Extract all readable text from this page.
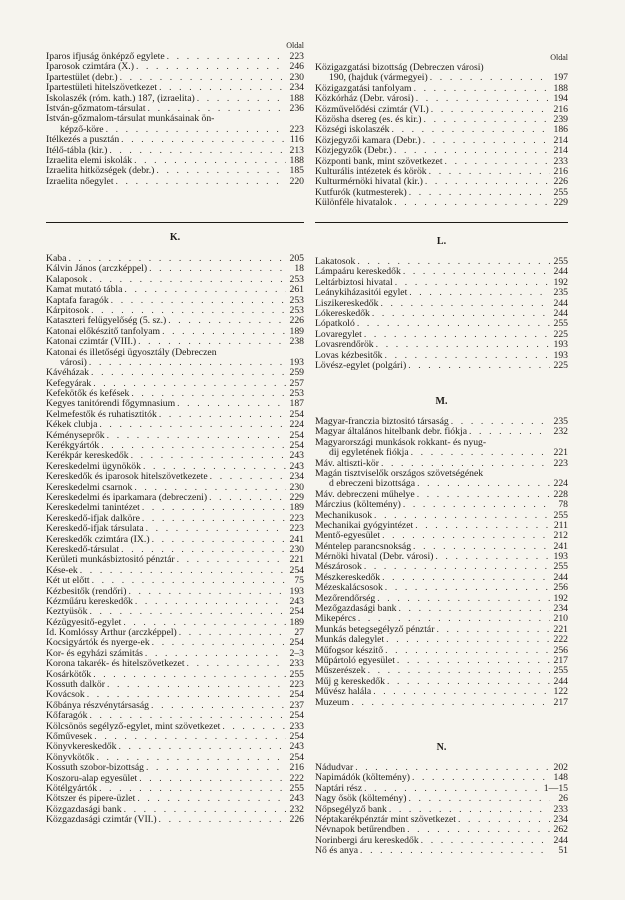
Oldal
Iparos ifjuság önképző egylete . . .	223
Iparosok czimtára (X.) . . .	246
Ipartestület (debr.) . . .	230
Ipartestületi hitelszövetkezet . . .	234
Iskolaszék (róm. kath.) 187, (izraelita) . . .	188
István-gőzmatom-társulat . . .	236
István-gőzmalom-társulat munkásainak ön-
képző-köre . . .	223
Itélkezés a pusztán . . .	116
Itélő-tábla (kir.) . . .	213
Izraelita elemi iskolák . . .	188
Izraelita hitközségek (debr.) . . .	185
Izraelita nőegylet . . .	220
K.
Kaba . . .	205
Kálvin János (arczképpel) . . .	18
Kalaposok . . .	253
Kamat mutató tábla . . .	261
Kaptafa faragók . . .	253
Kárpitosok . . .	253
Kataszteri felügyelőség (5. sz.) . . .	226
Katonai előkészitő tanfolyam . . .	189
Katonai czimtár (VIII.) . . .	238
Katonai és illetőségi ügyosztály (Debreczen
városi) . . .	193
Kávéházak . . .	259
Kefegyárak . . .	257
Kefekötők és kefések . . .	253
Kegyes tanitórendi főgymnasium . . .	187
Kelmefestők és ruhatisztitók . . .	254
Kékek clubja . . .	224
Kéményseprők . . .	254
Kerékgyártók . . .	254
Kerékpár kereskedők . . .	243
Kereskedelmi ügynökök . . .	243
Kereskedők és iparosok hitelszövetkezete . . .	234
Kereskedelmi csarnok . . .	230
Kereskedelmi és iparkamara (debreczeni) . . .	229
Kereskedelmi tanintézet . . .	189
Kereskedő-ifjak dalköre . . .	223
Kereskedő-ifjak társulata . . .	223
Kereskedők czimtára (IX.) . . .	241
Kereskedő-társulat . . .	230
Kerületi munkásbiztositó pénztár . . .	221
Kése-ek . . .	254
Két ut előtt . . .	75
Kézbesitők (rendőri) . . .	193
Kézműáru kereskedők . . .	243
Keztyüsök . . .	254
Kézügyesitő-egylet . . .	189
Id. Komlóssy Arthur (arczképpel) . . .	27
Kocsigyártók és nyerge-ek . . .	254
Kor- és egyházi számitás . . .	2–3
Korona takarék- és hitelszövetkezet . . .	233
Kosárkötők . . .	255
Kossuth dalkör . . .	223
Kovácsok . . .	254
Kőbánya részvénytársaság . . .	237
Kőfaragók . . .	254
Kölcsönös segélyző-egylet, mint szövetkezet . . .	233
Kőművesek . . .	254
Könyvkereskedők . . .	243
Könyvkötők . . .	254
Kossuth szobor-bizottság . . .	216
Koszoru-alap egyesület . . .	222
Kötélgyártók . . .	255
Kötszer és pipere-üzlet . . .	243
Közgazdasági bank . . .	232
Közgazdasági czimtár (VII.) . . .	226
Oldal
Közigazgatási bizottság (Debreczen városi)
190, (hajduk (vármegyei) . . .	197
Közigazgatási tanfolyam . . .	188
Közkórház (Debr. városi) . . .	194
Közművelődési czimtár (VI.) . . .	216
Közösha dsereg (es. és kir.) . . .	239
Községi iskolaszék . . .	186
Közjegyzői kamara (Debr.) . . .	214
Közjegyzők (Debr.) . . .	214
Központi bank, mint szövetkezet . . .	233
Kulturális intézetek és körök . . .	216
Kulturmérnöki hivatal (kir.) . . .	226
Kutfurók (kutmesterek) . . .	255
Különféle hivatalok . . .	229
L.
Lakatosok . . .	255
Lámpaáru kereskedők . . .	244
Leltárbiztosi hivatal . . .	192
Leánykiházasitói egylet . . .	235
Liszikereskedők . . .	244
Lókereskedők . . .	244
Lópatkoló . . .	255
Lovaregylet . . .	225
Lovasrendőrök . . .	193
Lovas kézbesitők . . .	193
Lövész-egylet (polgári) . . .	225
M.
Magyar-franczia biztositó társaság . . .	235
Magyar általános hitelbank debr. fiókja . . .	232
Magyarországi munkások rokkant- és nyug-
dij egyletének fiókja . . .	221
Máv. altiszti-kör . . .	223
Magán tisztviselők országos szövetségének
d ebreczeni bizottsága . . .	224
Máv. debreczeni műhelye . . .	228
Márczius (költemény) . . .	78
Mechanikusok . . .	255
Mechanikai gyógyintézet . . .	211
Mentő-egyesület . . .	212
Méntelep parancsnokság . . .	241
Mérnöki hivatal (Debr. városi) . . .	193
Mészárosok . . .	255
Mészkereskedők . . .	244
Mézeskalácsosok . . .	256
Mezőrendőrség . . .	192
Mezőgazdasági bank . . .	234
Mikepércs . . .	210
Munkás betegsegélyző pénztár . . .	221
Munkás dalegylet . . .	222
Műfogsor készitő . . .	256
Műpártoló egyesület . . .	217
Műszerészek . . .	255
Műj g kereskedők . . .	244
Művész halála . . .	122
Muzeum . . .	217
N.
Nádudvar . . .	202
Napimádók (költemény) . . .	148
Naptári rész . . .	1—15
Nagy ősök (költemény) . . .	26
Nőpsegélyző bank . . .	233
Néptakarékpénztár mint szövetkezet . . .	234
Névnapok betűrendben . . .	262
Norinbergi áru kereskedők . . .	244
Nő és anya . . .	51
